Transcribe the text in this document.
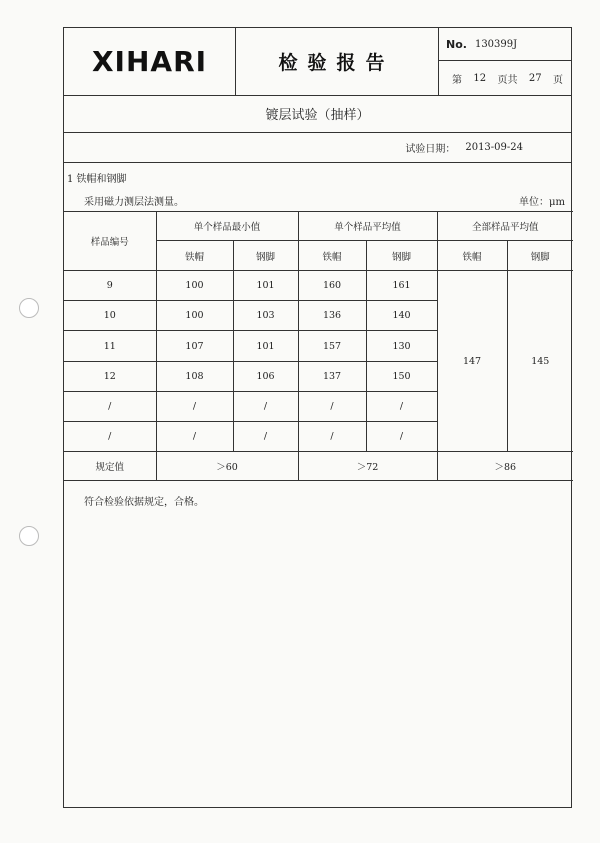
XIHARI	检验报告
No. 130399J
第 12 页共 27 页
镀层试验（抽样）
试验日期： 2013-09-24
1 铁帽和钢脚
采用磁力测层法测量。	单位：μm
样品编号	单个样品最小值		单个样品平均值		全部样品平均值	
	铁帽	钢脚	铁帽	钢脚	铁帽	钢脚
9	100	101	160	161	147	145
10	100	103	136	140		
11	107	101	157	130		
12	108	106	137	150		
/	/	/	/	/		
/	/	/	/	/		
规定值	＞60		＞72		＞86	
符合检验依据规定，合格。
